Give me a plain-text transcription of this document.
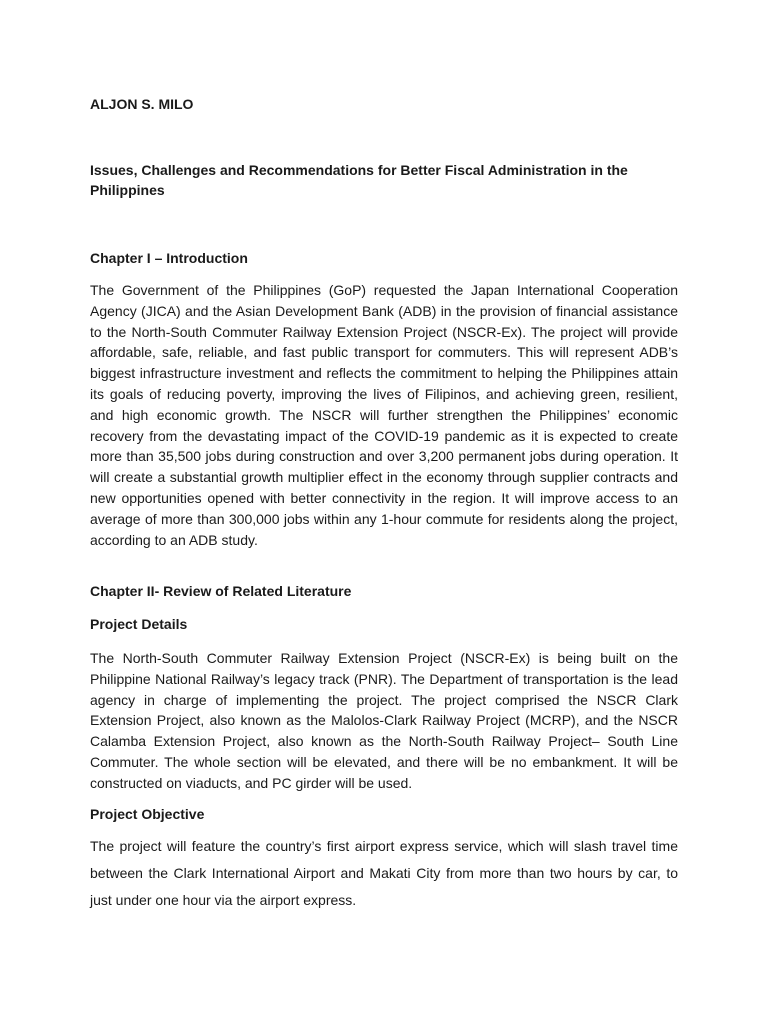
ALJON S. MILO

Issues, Challenges and Recommendations for Better Fiscal Administration in the Philippines

Chapter I – Introduction

The Government of the Philippines (GoP) requested the Japan International Cooperation Agency (JICA) and the Asian Development Bank (ADB) in the provision of financial assistance to the North-South Commuter Railway Extension Project (NSCR-Ex). The project will provide affordable, safe, reliable, and fast public transport for commuters. This will represent ADB’s biggest infrastructure investment and reflects the commitment to helping the Philippines attain its goals of reducing poverty, improving the lives of Filipinos, and achieving green, resilient, and high economic growth. The NSCR will further strengthen the Philippines’ economic recovery from the devastating impact of the COVID-19 pandemic as it is expected to create more than 35,500 jobs during construction and over 3,200 permanent jobs during operation. It will create a substantial growth multiplier effect in the economy through supplier contracts and new opportunities opened with better connectivity in the region. It will improve access to an average of more than 300,000 jobs within any 1-hour commute for residents along the project, according to an ADB study.

Chapter II- Review of Related Literature

Project Details

The North-South Commuter Railway Extension Project (NSCR-Ex) is being built on the Philippine National Railway’s legacy track (PNR). The Department of transportation is the lead agency in charge of implementing the project. The project comprised the NSCR Clark Extension Project, also known as the Malolos-Clark Railway Project (MCRP), and the NSCR Calamba Extension Project, also known as the North-South Railway Project– South Line Commuter. The whole section will be elevated, and there will be no embankment. It will be constructed on viaducts, and PC girder will be used.

Project Objective

The project will feature the country’s first airport express service, which will slash travel time between the Clark International Airport and Makati City from more than two hours by car, to just under one hour via the airport express.
